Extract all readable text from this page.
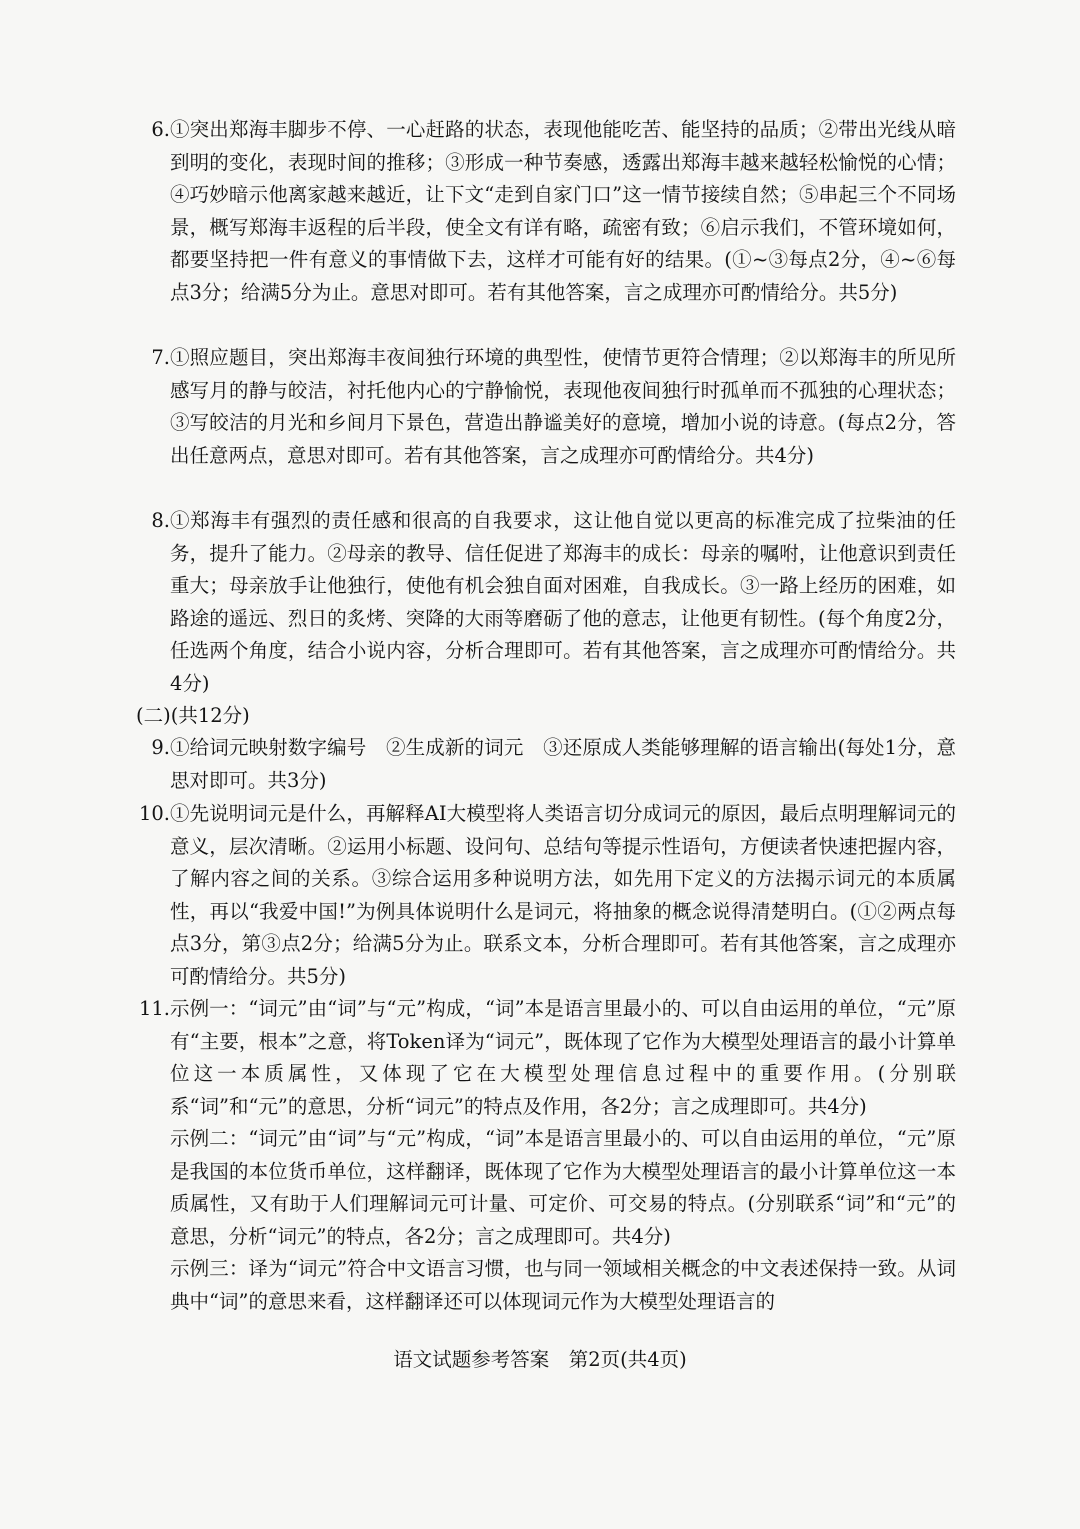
6. ①突出郑海丰脚步不停、一心赶路的状态，表现他能吃苦、能坚持的品质；②带出光线从暗到明的变化，表现时间的推移；③形成一种节奏感，透露出郑海丰越来越轻松愉悦的心情；④巧妙暗示他离家越来越近，让下文“走到自家门口”这一情节接续自然；⑤串起三个不同场景，概写郑海丰返程的后半段，使全文有详有略，疏密有致；⑥启示我们，不管环境如何，都要坚持把一件有意义的事情做下去，这样才可能有好的结果。(①~③每点2分，④~⑥每点3分；给满5分为止。意思对即可。若有其他答案，言之成理亦可酌情给分。共5分)
7. ①照应题目，突出郑海丰夜间独行环境的典型性，使情节更符合情理；②以郑海丰的所见所感写月的静与皎洁，衬托他内心的宁静愉悦，表现他夜间独行时孤单而不孤独的心理状态；③写皎洁的月光和乡间月下景色，营造出静谧美好的意境，增加小说的诗意。(每点2分，答出任意两点，意思对即可。若有其他答案，言之成理亦可酌情给分。共4分)
8. ①郑海丰有强烈的责任感和很高的自我要求，这让他自觉以更高的标准完成了拉柴油的任务，提升了能力。②母亲的教导、信任促进了郑海丰的成长：母亲的嘱咐，让他意识到责任重大；母亲放手让他独行，使他有机会独自面对困难，自我成长。③一路上经历的困难，如路途的遥远、烈日的炙烤、突降的大雨等磨砺了他的意志，让他更有韧性。(每个角度2分，任选两个角度，结合小说内容，分析合理即可。若有其他答案，言之成理亦可酌情给分。共4分)
(二)(共12分)
9. ①给词元映射数字编号　②生成新的词元　③还原成人类能够理解的语言输出(每处1分，意思对即可。共3分)
10. ①先说明词元是什么，再解释AI大模型将人类语言切分成词元的原因，最后点明理解词元的意义，层次清晰。②运用小标题、设问句、总结句等提示性语句，方便读者快速把握内容，了解内容之间的关系。③综合运用多种说明方法，如先用下定义的方法揭示词元的本质属性，再以“我爱中国!”为例具体说明什么是词元，将抽象的概念说得清楚明白。(①②两点每点3分，第③点2分；给满5分为止。联系文本，分析合理即可。若有其他答案，言之成理亦可酌情给分。共5分)
11. 示例一：“词元”由“词”与“元”构成，“词”本是语言里最小的、可以自由运用的单位，“元”原有“主要，根本”之意，将Token译为“词元”，既体现了它作为大模型处理语言的最小计算单位这一本质属性，又体现了它在大模型处理信息过程中的重要作用。(分别联系“词”和“元”的意思，分析“词元”的特点及作用，各2分；言之成理即可。共4分)

示例二：“词元”由“词”与“元”构成，“词”本是语言里最小的、可以自由运用的单位，“元”原是我国的本位货币单位，这样翻译，既体现了它作为大模型处理语言的最小计算单位这一本质属性，又有助于人们理解词元可计量、可定价、可交易的特点。(分别联系“词”和“元”的意思，分析“词元”的特点，各2分；言之成理即可。共4分)

示例三：译为“词元”符合中文语言习惯，也与同一领域相关概念的中文表述保持一致。从词典中“词”的意思来看，这样翻译还可以体现词元作为大模型处理语言的

语文试题参考答案　第2页(共4页)
